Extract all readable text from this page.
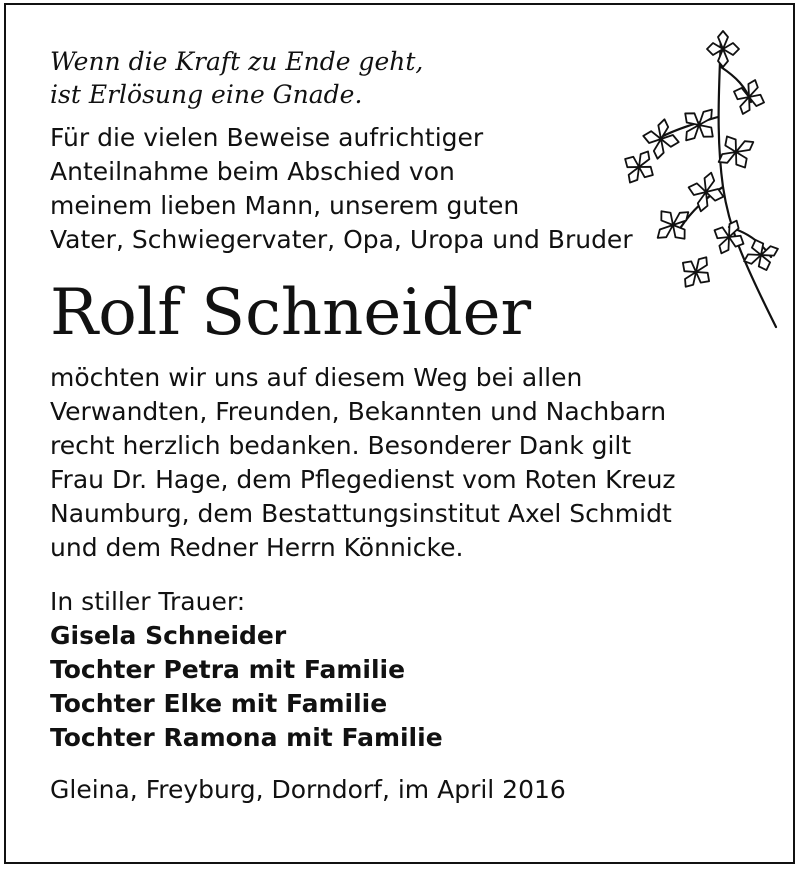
Wenn die Kraft zu Ende geht,
ist Erlösung eine Gnade.
Für die vielen Beweise aufrichtiger
Anteilnahme beim Abschied von
meinem lieben Mann, unserem guten
Vater, Schwiegervater, Opa, Uropa und Bruder
Rolf Schneider
möchten wir uns auf diesem Weg bei allen
Verwandten, Freunden, Bekannten und Nachbarn
recht herzlich bedanken. Besonderer Dank gilt
Frau Dr. Hage, dem Pflegedienst vom Roten Kreuz
Naumburg, dem Bestattungsinstitut Axel Schmidt
und dem Redner Herrn Könnicke.
In stiller Trauer:
Gisela Schneider
Tochter Petra mit Familie
Tochter Elke mit Familie
Tochter Ramona mit Familie
Gleina, Freyburg, Dorndorf, im April 2016
